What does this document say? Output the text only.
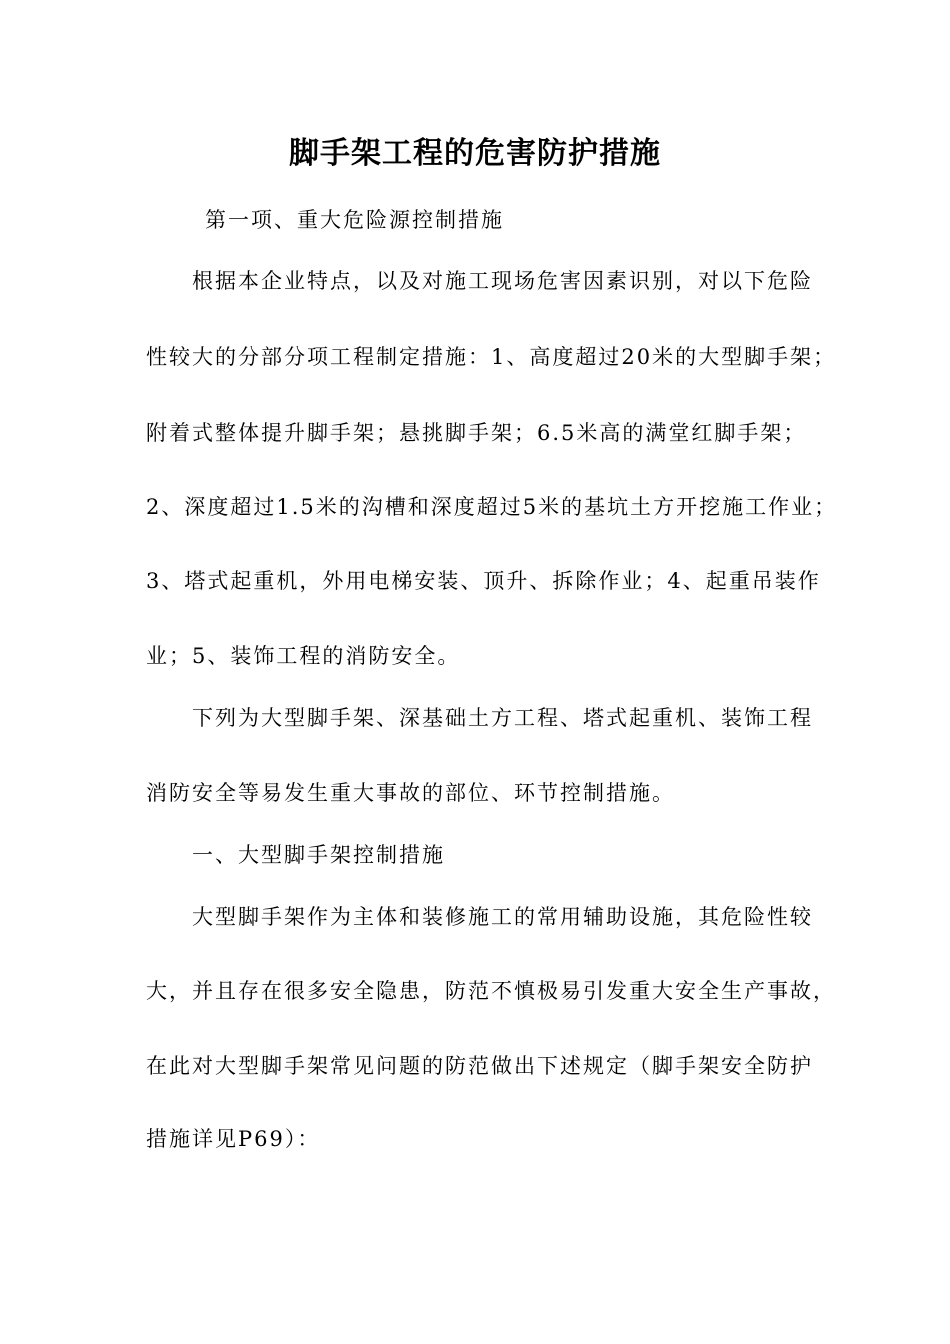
脚手架工程的危害防护措施
第一项、重大危险源控制措施
根据本企业特点，以及对施工现场危害因素识别，对以下危险
性较大的分部分项工程制定措施：1、高度超过20米的大型脚手架；
附着式整体提升脚手架；悬挑脚手架；6.5米高的满堂红脚手架；
2、深度超过1.5米的沟槽和深度超过5米的基坑土方开挖施工作业；
3、塔式起重机，外用电梯安装、顶升、拆除作业；4、起重吊装作
业；5、装饰工程的消防安全。
下列为大型脚手架、深基础土方工程、塔式起重机、装饰工程
消防安全等易发生重大事故的部位、环节控制措施。
一、大型脚手架控制措施
大型脚手架作为主体和装修施工的常用辅助设施，其危险性较
大，并且存在很多安全隐患，防范不慎极易引发重大安全生产事故，
在此对大型脚手架常见问题的防范做出下述规定（脚手架安全防护
措施详见P69）：
